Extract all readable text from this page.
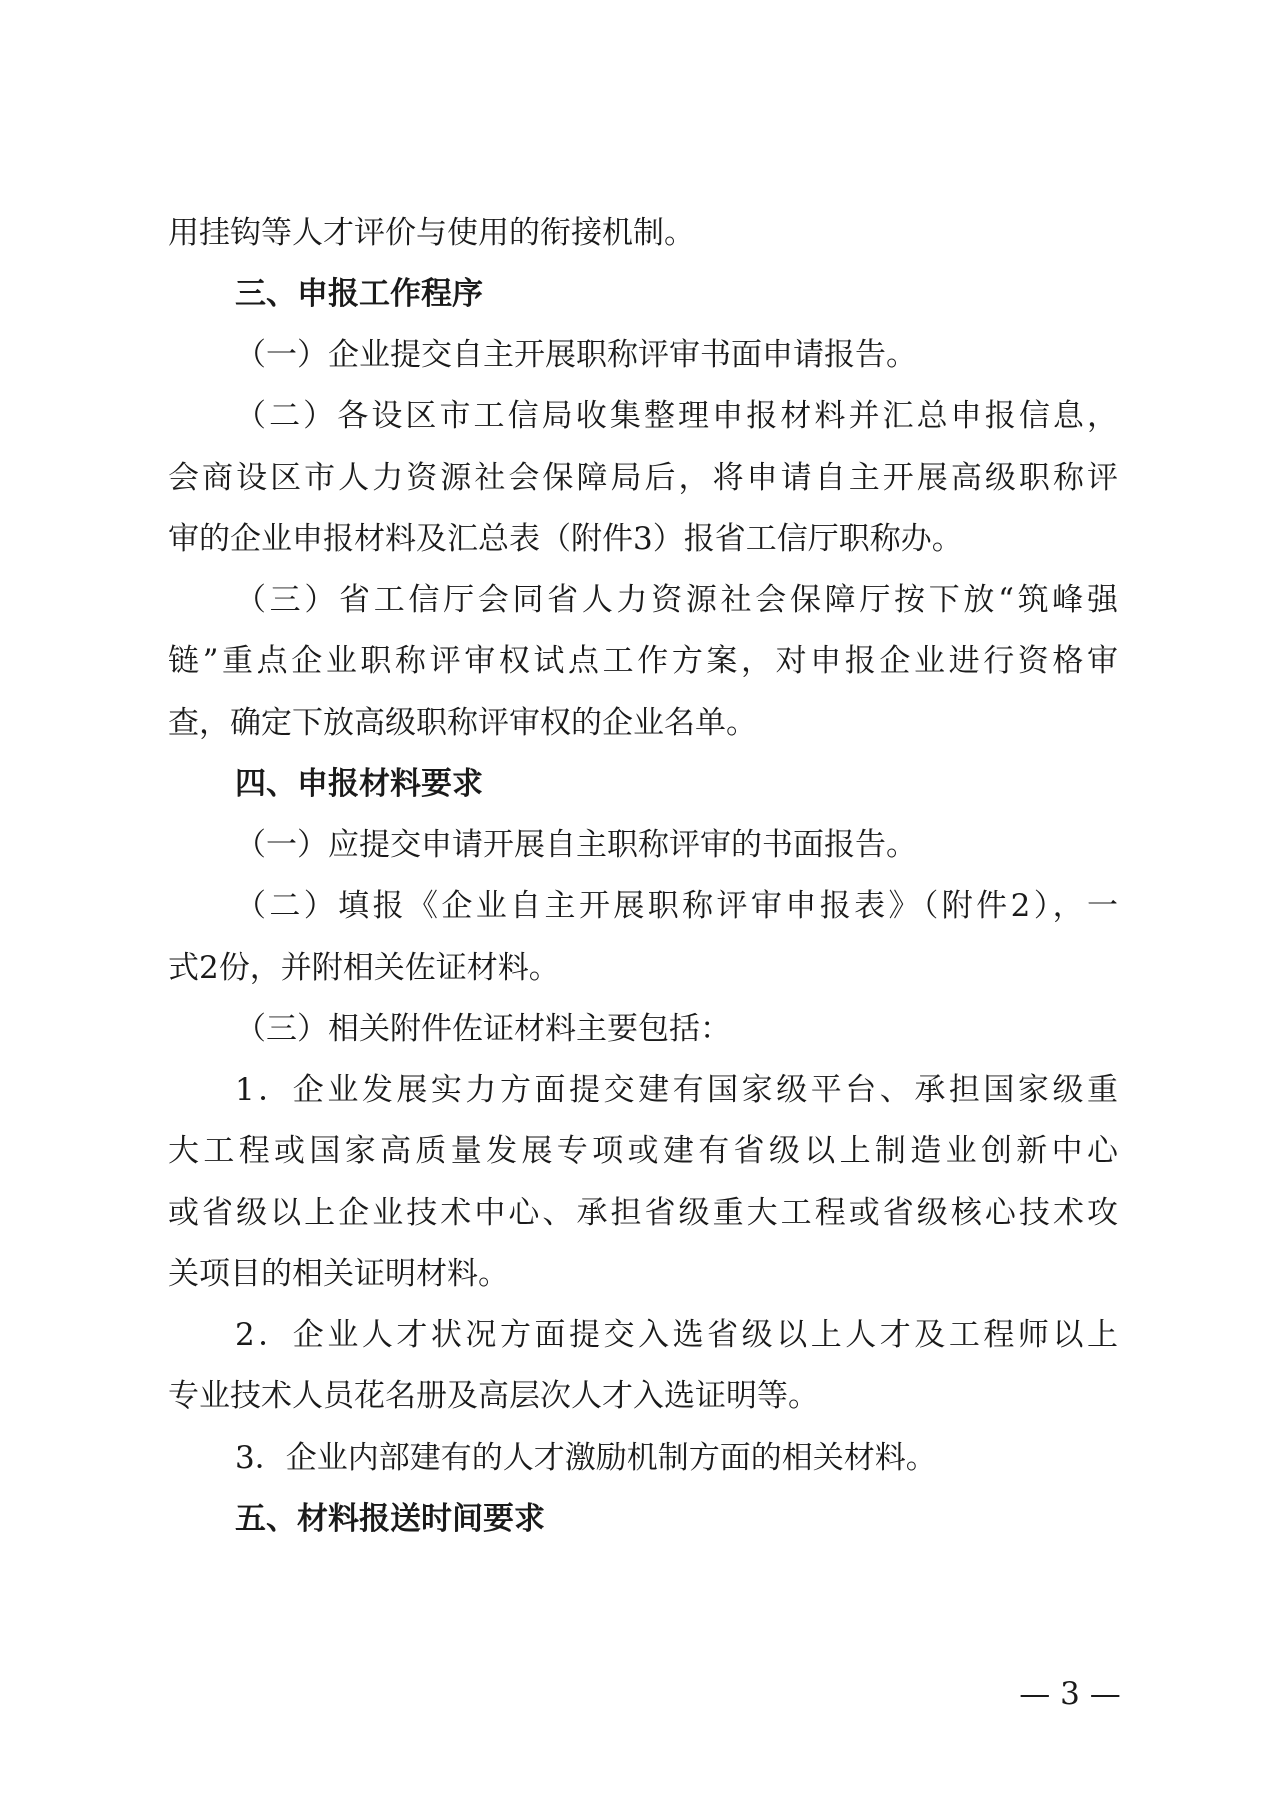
用挂钩等人才评价与使用的衔接机制。
三、申报工作程序
（一）企业提交自主开展职称评审书面申请报告。
（二）各设区市工信局收集整理申报材料并汇总申报信息，
会商设区市人力资源社会保障局后，将申请自主开展高级职称评
审的企业申报材料及汇总表（附件3）报省工信厅职称办。
（三）省工信厅会同省人力资源社会保障厅按下放“筑峰强
链”重点企业职称评审权试点工作方案，对申报企业进行资格审
查，确定下放高级职称评审权的企业名单。
四、申报材料要求
（一）应提交申请开展自主职称评审的书面报告。
（二）填报《企业自主开展职称评审申报表》（附件2），一
式2份，并附相关佐证材料。
（三）相关附件佐证材料主要包括：
1．企业发展实力方面提交建有国家级平台、承担国家级重
大工程或国家高质量发展专项或建有省级以上制造业创新中心
或省级以上企业技术中心、承担省级重大工程或省级核心技术攻
关项目的相关证明材料。
2．企业人才状况方面提交入选省级以上人才及工程师以上
专业技术人员花名册及高层次人才入选证明等。
3．企业内部建有的人才激励机制方面的相关材料。
五、材料报送时间要求
— 3 —
